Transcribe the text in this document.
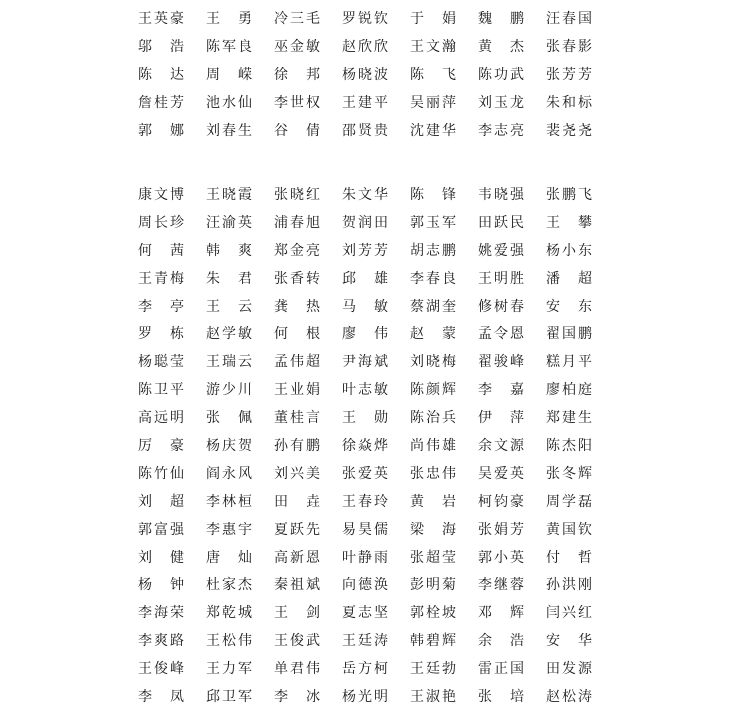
王英豪 王 勇 冷三毛 罗锐钦 于 娟 魏 鹏 汪春国
邬 浩 陈军良 巫金敏 赵欣欣 王文瀚 黄 杰 张春影
陈 达 周 嵘 徐 邦 杨晓波 陈 飞 陈功武 张芳芳
詹桂芳 池水仙 李世权 王建平 吴丽萍 刘玉龙 朱和标
郭 娜 刘春生 谷 倩 邵贤贵 沈建华 李志亮 裴尧尧
康文博 王晓霞 张晓红 朱文华 陈 锋 韦晓强 张鹏飞
周长珍 汪渝英 浦春旭 贺润田 郭玉军 田跃民 王 攀
何 茜 韩 爽 郑金亮 刘芳芳 胡志鹏 姚爱强 杨小东
王青梅 朱 君 张香转 邱 雄 李春良 王明胜 潘 超
李 亭 王 云 龚 热 马 敏 蔡湖奎 修树春 安 东
罗 栋 赵学敏 何 根 廖 伟 赵 蒙 孟令恩 翟国鹏
杨聪莹 王瑞云 孟伟超 尹海斌 刘晓梅 翟骏峰 糕月平
陈卫平 游少川 王业娟 叶志敏 陈颜辉 李 嘉 廖柏庭
高远明 张 佩 董桂言 王 勋 陈治兵 伊 萍 郑建生
厉 豪 杨庆贺 孙有鹏 徐焱烨 尚伟雄 余文源 陈杰阳
陈竹仙 阎永风 刘兴美 张爱英 张忠伟 吴爱英 张冬辉
刘 超 李林桓 田 垚 王春玲 黄 岩 柯钧豪 周学磊
郭富强 李惠宇 夏跃先 易昊儒 梁 海 张娟芳 黄国钦
刘 健 唐 灿 高新恩 叶静雨 张超莹 郭小英 付 哲
杨 钟 杜家杰 秦祖斌 向德涣 彭明菊 李继蓉 孙洪刚
李海荣 郑乾城 王 剑 夏志坚 郭栓坡 邓 辉 闫兴红
李爽路 王松伟 王俊武 王廷涛 韩碧辉 余 浩 安 华
王俊峰 王力军 单君伟 岳方柯 王廷勃 雷正国 田发源
李 凤 邱卫军 李 冰 杨光明 王淑艳 张 培 赵松涛
